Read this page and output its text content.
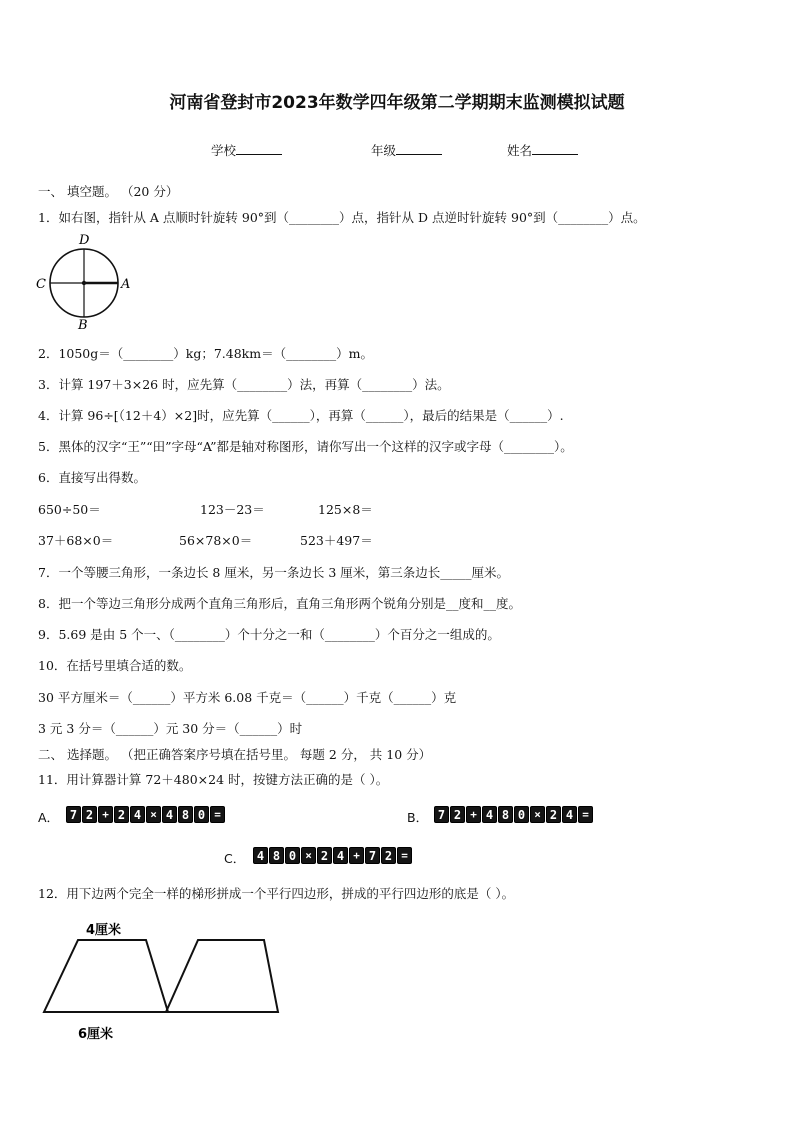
河南省登封市2023年数学四年级第二学期期末监测模拟试题
学校	年级	姓名
一、 填空题。 （20 分）
1．如右图，指针从 A 点顺时针旋转 90°到（________）点，指针从 D 点逆时针旋转 90°到（________）点。
D
C	A
B
2．1050g＝（________）kg；7.48km＝（________）m。
3．计算 197＋3×26 时，应先算（________）法，再算（________）法。
4．计算 96÷[（12＋4）×2]时，应先算（______），再算（______），最后的结果是（______）.
5．黑体的汉字“王”“田”字母“A”都是轴对称图形，请你写出一个这样的汉字或字母（________）。
6．直接写出得数。
650÷50＝	123－23＝	125×8＝
37＋68×0＝	56×78×0＝	523＋497＝
7．一个等腰三角形，一条边长 8 厘米，另一条边长 3 厘米，第三条边长_____厘米。
8．把一个等边三角形分成两个直角三角形后，直角三角形两个锐角分别是__度和__度。
9．5.69 是由 5 个一、（________）个十分之一和（________）个百分之一组成的。
10．在括号里填合适的数。
30 平方厘米＝（______）平方米 6.08 千克＝（______）千克（______）克
3 元 3 分＝（______）元 30 分＝（______）时
二、 选择题。 （把正确答案序号填在括号里。 每题 2 分， 共 10 分）
11．用计算器计算 72＋480×24 时，按键方法正确的是（ ）。
A． 7 2 + 2 4 × 4 8 0 =	B． 7 2 + 4 8 0 × 2 4 =
C． 4 8 0 × 2 4 + 7 2 =
12．用下边两个完全一样的梯形拼成一个平行四边形，拼成的平行四边形的底是（ ）。
4厘米
6厘米
